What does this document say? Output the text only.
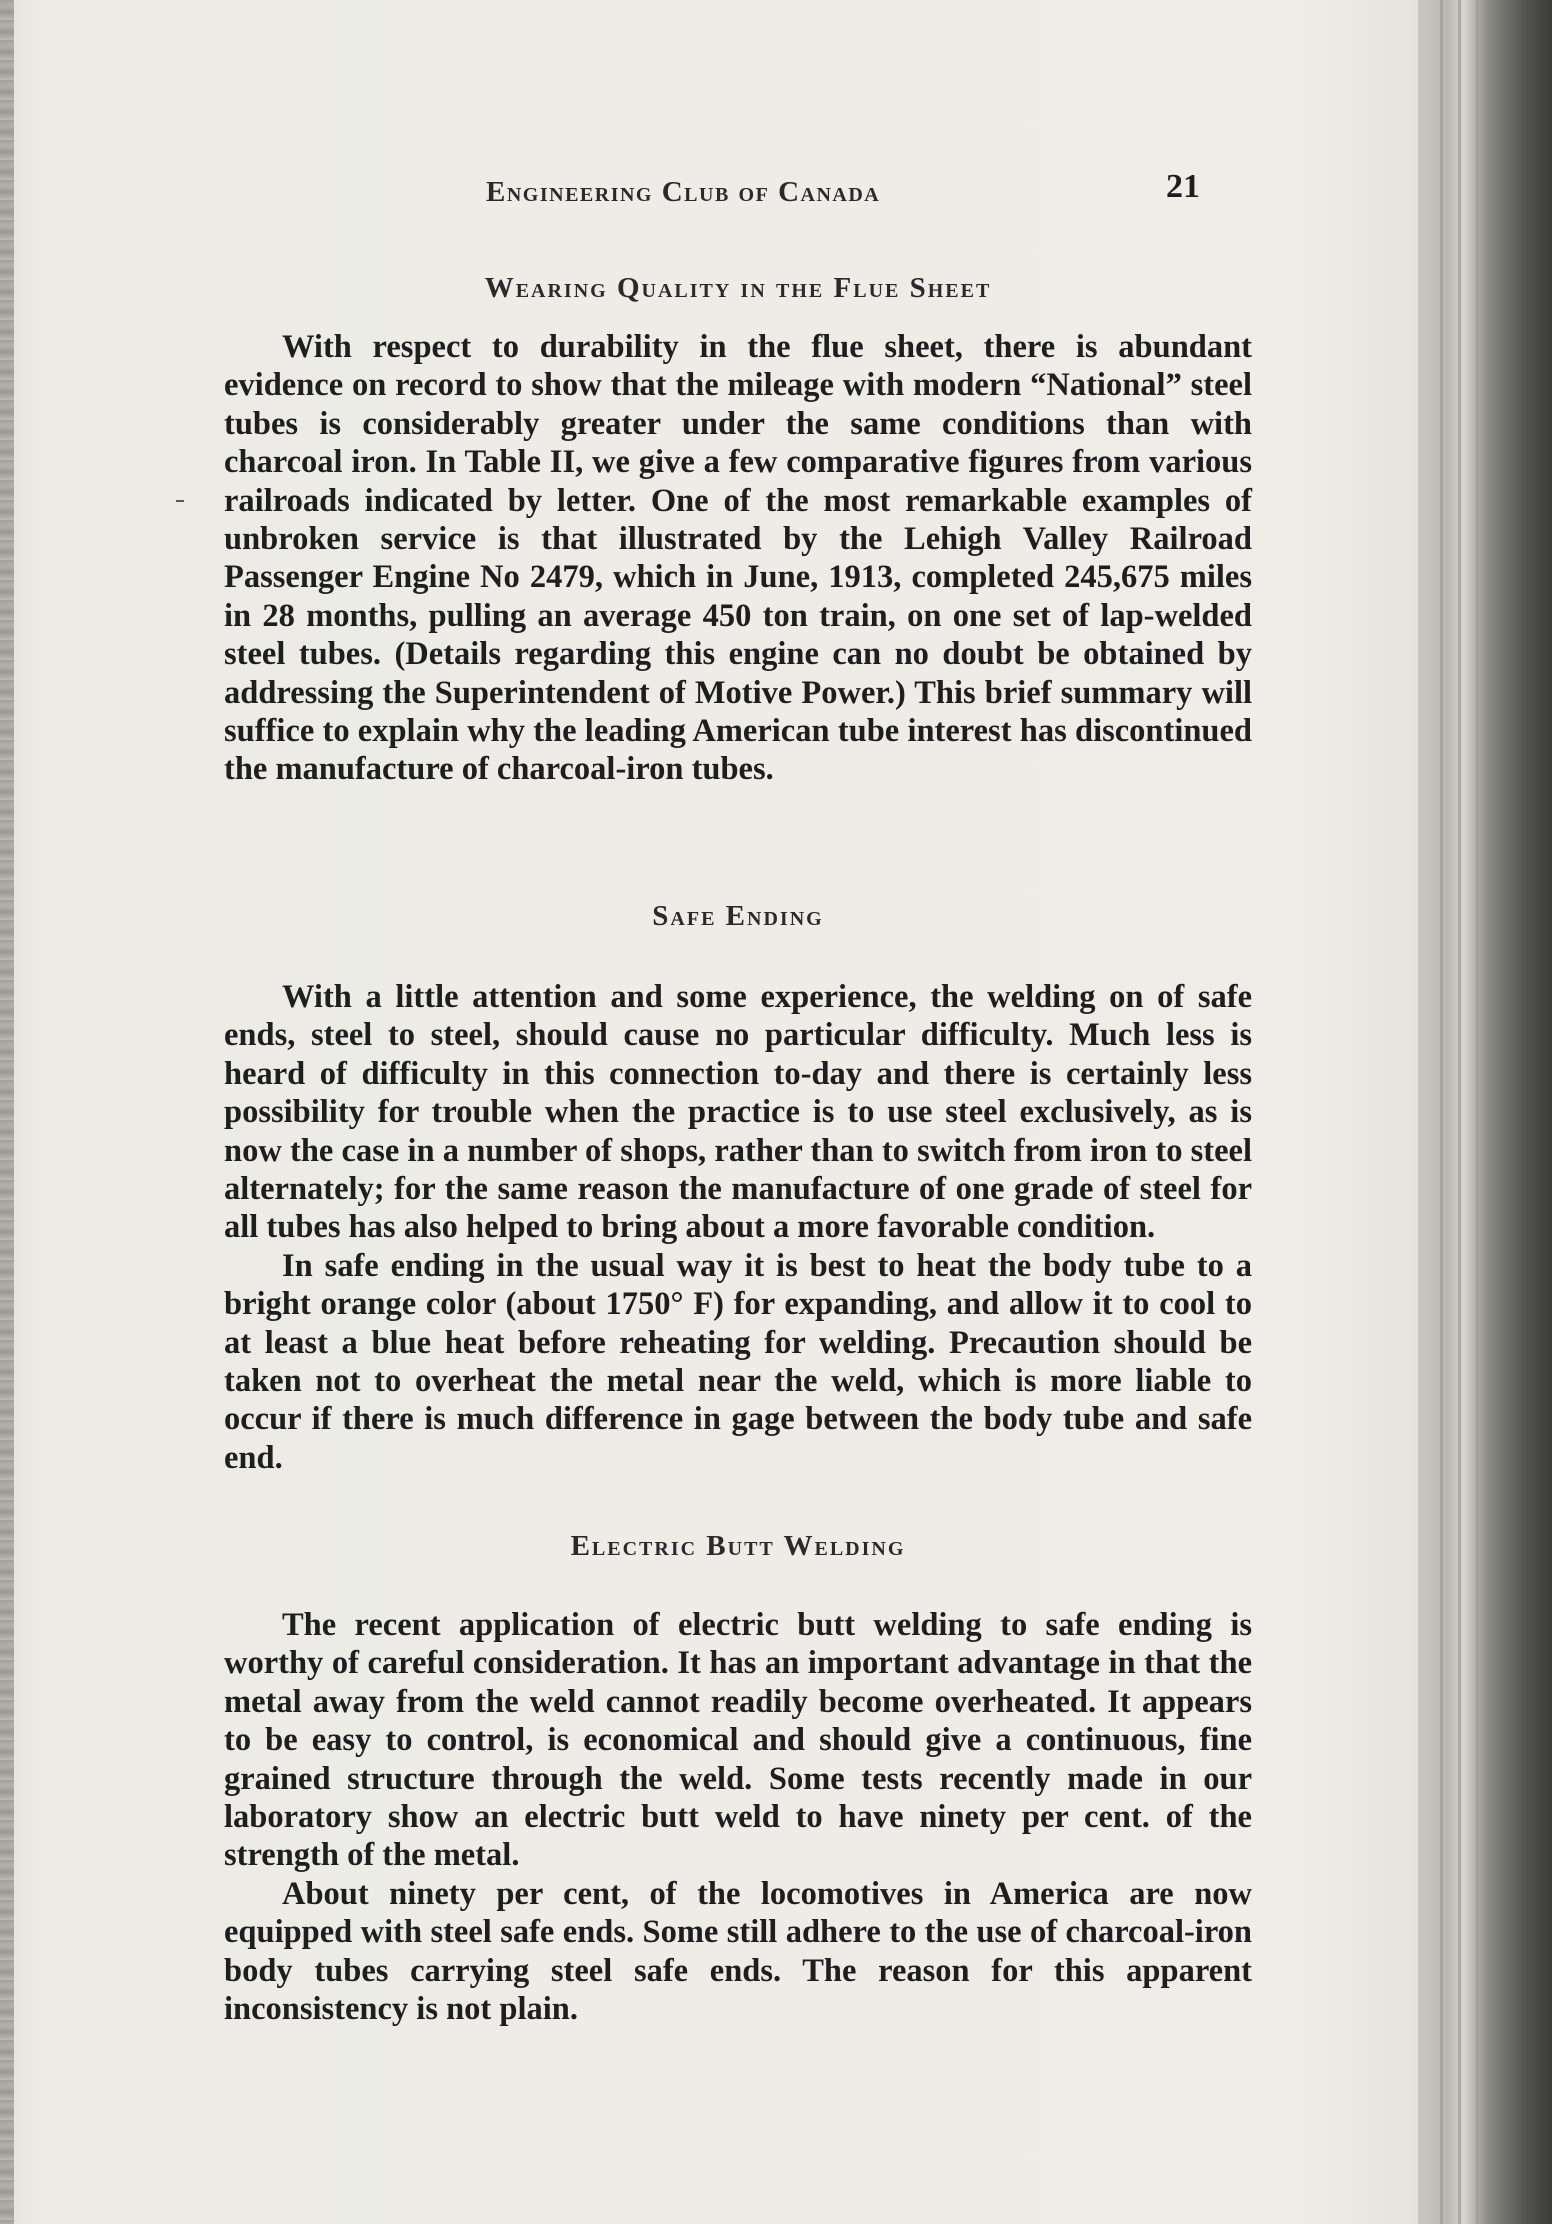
Engineering Club of Canada	21
Wearing Quality in the Flue Sheet

With respect to durability in the flue sheet, there is abundant evidence on record to show that the mileage with modern “National” steel tubes is considerably greater under the same conditions than with charcoal iron. In Table II, we give a few comparative figures from various railroads indicated by letter. One of the most remarkable examples of unbroken service is that illustrated by the Lehigh Valley Railroad Passenger Engine No 2479, which in June, 1913, completed 245,675 miles in 28 months, pulling an average 450 ton train, on one set of lap-welded steel tubes. (Details regarding this engine can no doubt be obtained by addressing the Superintendent of Motive Power.) This brief summary will suffice to explain why the leading American tube interest has discontinued the manufacture of charcoal-iron tubes.

Safe Ending

With a little attention and some experience, the welding on of safe ends, steel to steel, should cause no particular difficulty. Much less is heard of difficulty in this connection to-day and there is certainly less possibility for trouble when the practice is to use steel exclusively, as is now the case in a number of shops, rather than to switch from iron to steel alternately; for the same reason the manufacture of one grade of steel for all tubes has also helped to bring about a more favorable condition.

In safe ending in the usual way it is best to heat the body tube to a bright orange color (about 1750° F) for expanding, and allow it to cool to at least a blue heat before reheating for welding. Precaution should be taken not to overheat the metal near the weld, which is more liable to occur if there is much difference in gage between the body tube and safe end.

Electric Butt Welding

The recent application of electric butt welding to safe ending is worthy of careful consideration. It has an important advantage in that the metal away from the weld cannot readily become overheated. It appears to be easy to control, is economical and should give a continuous, fine grained structure through the weld. Some tests recently made in our laboratory show an electric butt weld to have ninety per cent. of the strength of the metal.

About ninety per cent, of the locomotives in America are now equipped with steel safe ends. Some still adhere to the use of charcoal-iron body tubes carrying steel safe ends. The reason for this apparent inconsistency is not plain.
